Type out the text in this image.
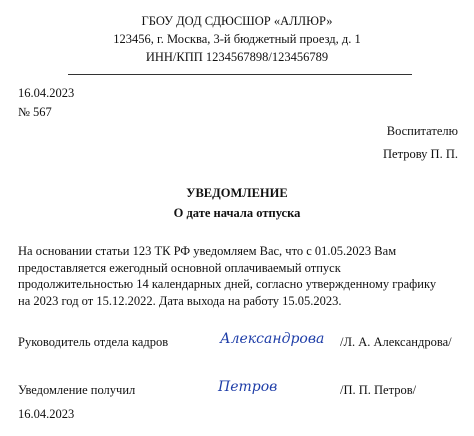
ГБОУ ДОД СДЮСШОР «АЛЛЮР»
123456, г. Москва, 3-й бюджетный проезд, д. 1
ИНН/КПП 1234567898/123456789
16.04.2023
№ 567
Воспитателю
Петрову П. П.
УВЕДОМЛЕНИЕ
О дате начала отпуска
На основании статьи 123 ТК РФ уведомляем Вас, что с 01.05.2023 Вам
предоставляется ежегодный основной оплачиваемый отпуск
продолжительностью 14 календарных дней, согласно утвержденному графику
на 2023 год от 15.12.2022. Дата выхода на работу 15.05.2023.
Руководитель отдела кадров	Александрова /Л. А. Александрова/
Уведомление получил	Петров	/П. П. Петров/
16.04.2023
